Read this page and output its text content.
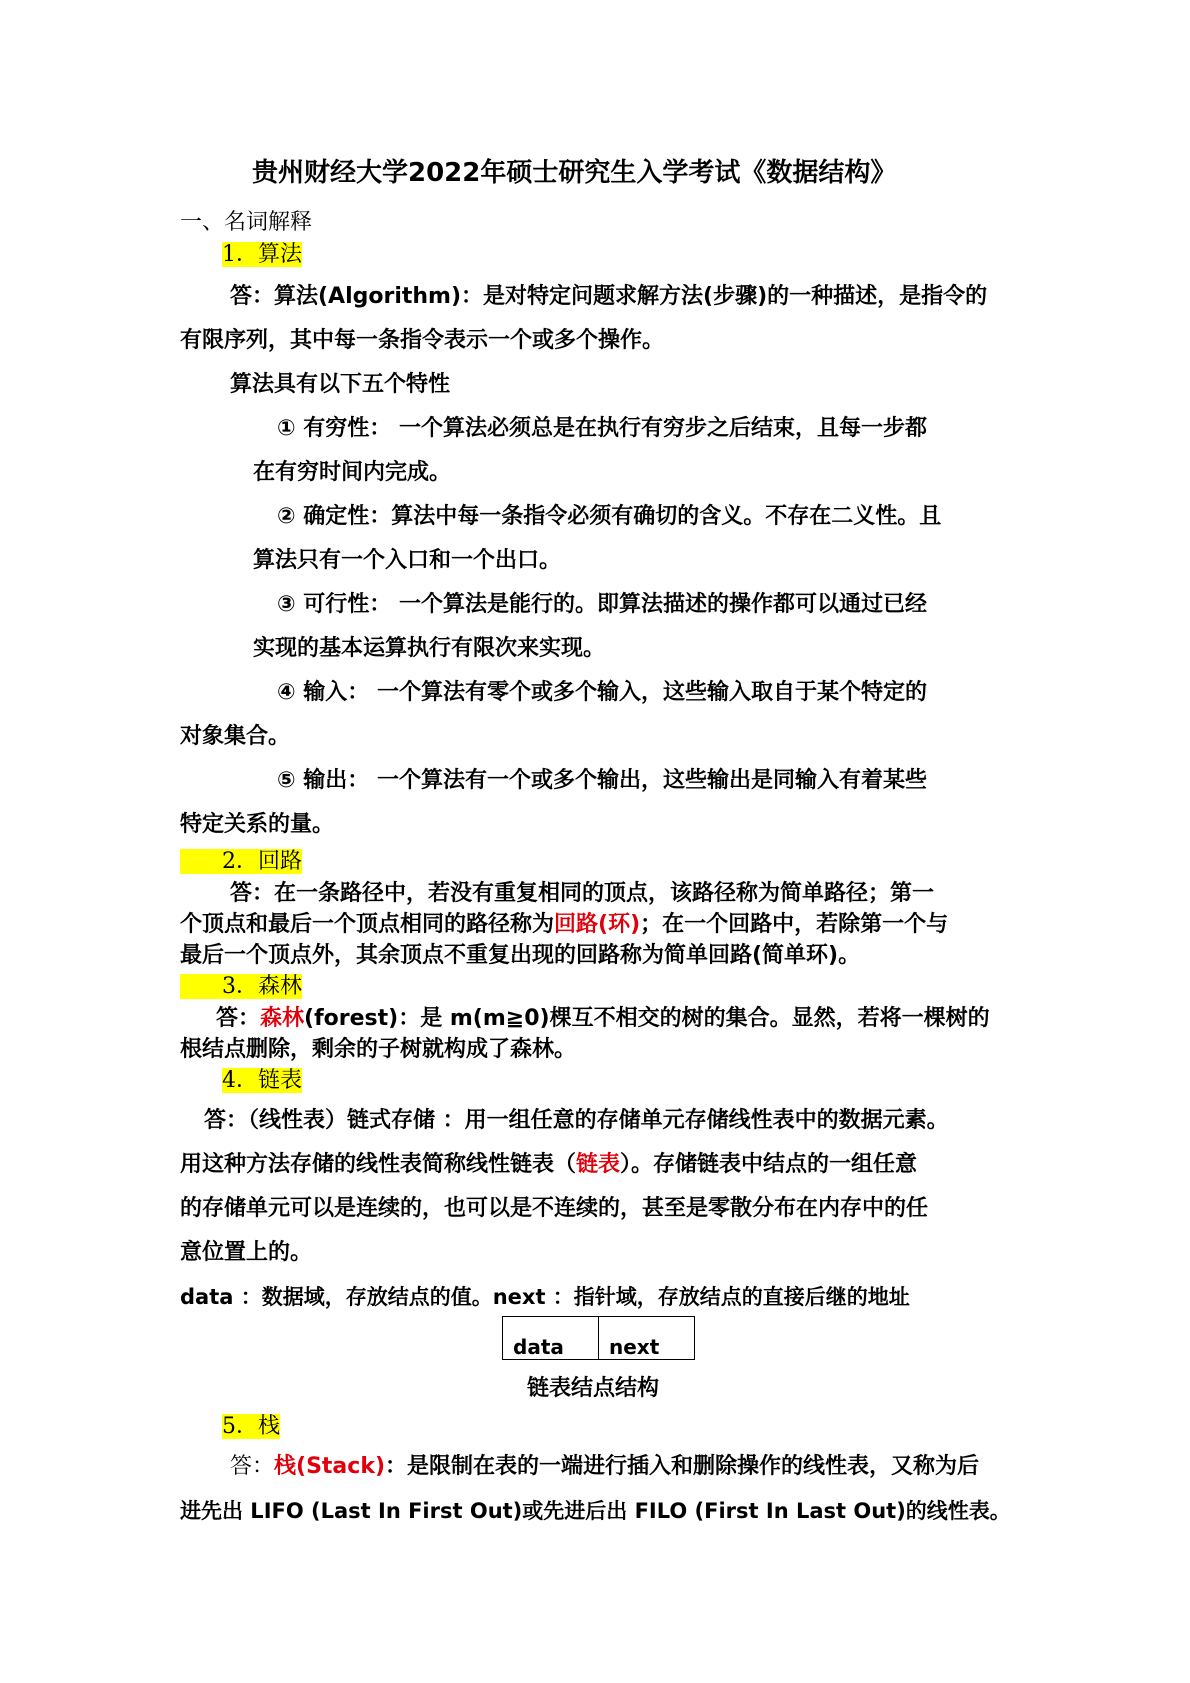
贵州财经大学2022年硕士研究生入学考试《数据结构》
一、名词解释
1．算法
答：算法(Algorithm)：是对特定问题求解方法(步骤)的一种描述，是指令的
有限序列，其中每一条指令表示一个或多个操作。
算法具有以下五个特性
① 有穷性： 一个算法必须总是在执行有穷步之后结束，且每一步都
在有穷时间内完成。
② 确定性：算法中每一条指令必须有确切的含义。不存在二义性。且
算法只有一个入口和一个出口。
③ 可行性： 一个算法是能行的。即算法描述的操作都可以通过已经
实现的基本运算执行有限次来实现。
④ 输入： 一个算法有零个或多个输入，这些输入取自于某个特定的
对象集合。
⑤ 输出： 一个算法有一个或多个输出，这些输出是同输入有着某些
特定关系的量。
2．回路
答：在一条路径中，若没有重复相同的顶点，该路径称为简单路径；第一
个顶点和最后一个顶点相同的路径称为回路(环)；在一个回路中，若除第一个与
最后一个顶点外，其余顶点不重复出现的回路称为简单回路(简单环)。
3．森林
答：森林(forest)：是 m(m≧0)棵互不相交的树的集合。显然，若将一棵树的
根结点删除，剩余的子树就构成了森林。
4．链表
答：（线性表）链式存储 ：用一组任意的存储单元存储线性表中的数据元素。
用这种方法存储的线性表简称线性链表（链表）。存储链表中结点的一组任意
的存储单元可以是连续的，也可以是不连续的，甚至是零散分布在内存中的任
意位置上的。
data ：数据域，存放结点的值。next ：指针域，存放结点的直接后继的地址
data	next
链表结点结构
5．栈
答：栈(Stack)：是限制在表的一端进行插入和删除操作的线性表，又称为后
进先出 LIFO (Last In First Out)或先进后出 FILO (First In Last Out)的线性表。
